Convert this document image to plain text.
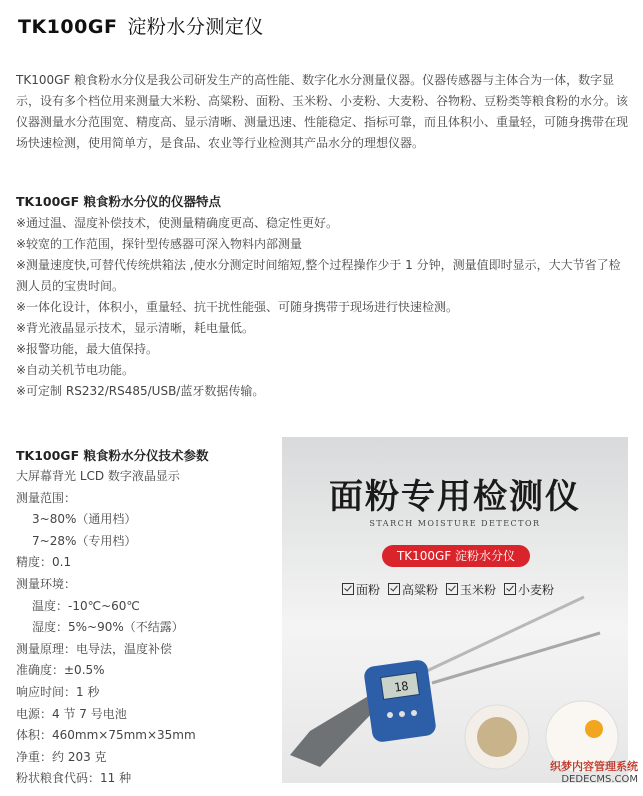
TK100GF 淀粉水分测定仪
TK100GF 粮食粉水分仪是我公司研发生产的高性能、数字化水分测量仪器。仪器传感器与主体合为一体，数字显示，设有多个档位用来测量大米粉、高粱粉、面粉、玉米粉、小麦粉、大麦粉、谷物粉、豆粉类等粮食粉的水分。该仪器测量水分范围宽、精度高、显示清晰、测量迅速、性能稳定、指标可靠，而且体积小、重量轻，可随身携带在现场快速检测，使用简单方，是食品、农业等行业检测其产品水分的理想仪器。
TK100GF 粮食粉水分仪的仪器特点
※通过温、湿度补偿技术，使测量精确度更高、稳定性更好。
※较宽的工作范围，探针型传感器可深入物料内部测量
※测量速度快,可替代传统烘箱法 ,使水分测定时间缩短,整个过程操作少于 1 分钟，测量值即时显示，大大节省了检测人员的宝贵时间。
※一体化设计，体积小，重量轻、抗干扰性能强、可随身携带于现场进行快速检测。
※背光液晶显示技术，显示清晰，耗电量低。
※报警功能，最大值保持。
※自动关机节电功能。
※可定制 RS232/RS485/USB/蓝牙数据传输。
TK100GF 粮食粉水分仪技术参数
大屏幕背光 LCD 数字液晶显示
测量范围：
3~80%（通用档）
7~28%（专用档）
精度：0.1
测量环境：
温度：-10℃~60℃
湿度：5%~90%（不结露）
测量原理：电导法，温度补偿
准确度：±0.5%
响应时间：1 秒
电源：4 节 7 号电池
体积：460mm×75mm×35mm
净重：约 203 克
粉状粮食代码：11 种
面粉专用检测仪
STARCH MOISTURE DETECTOR
TK100GF 淀粉水分仪
面粉 高粱粉 玉米粉 小麦粉
18
织梦内容管理系统
DEDECMS.COM
